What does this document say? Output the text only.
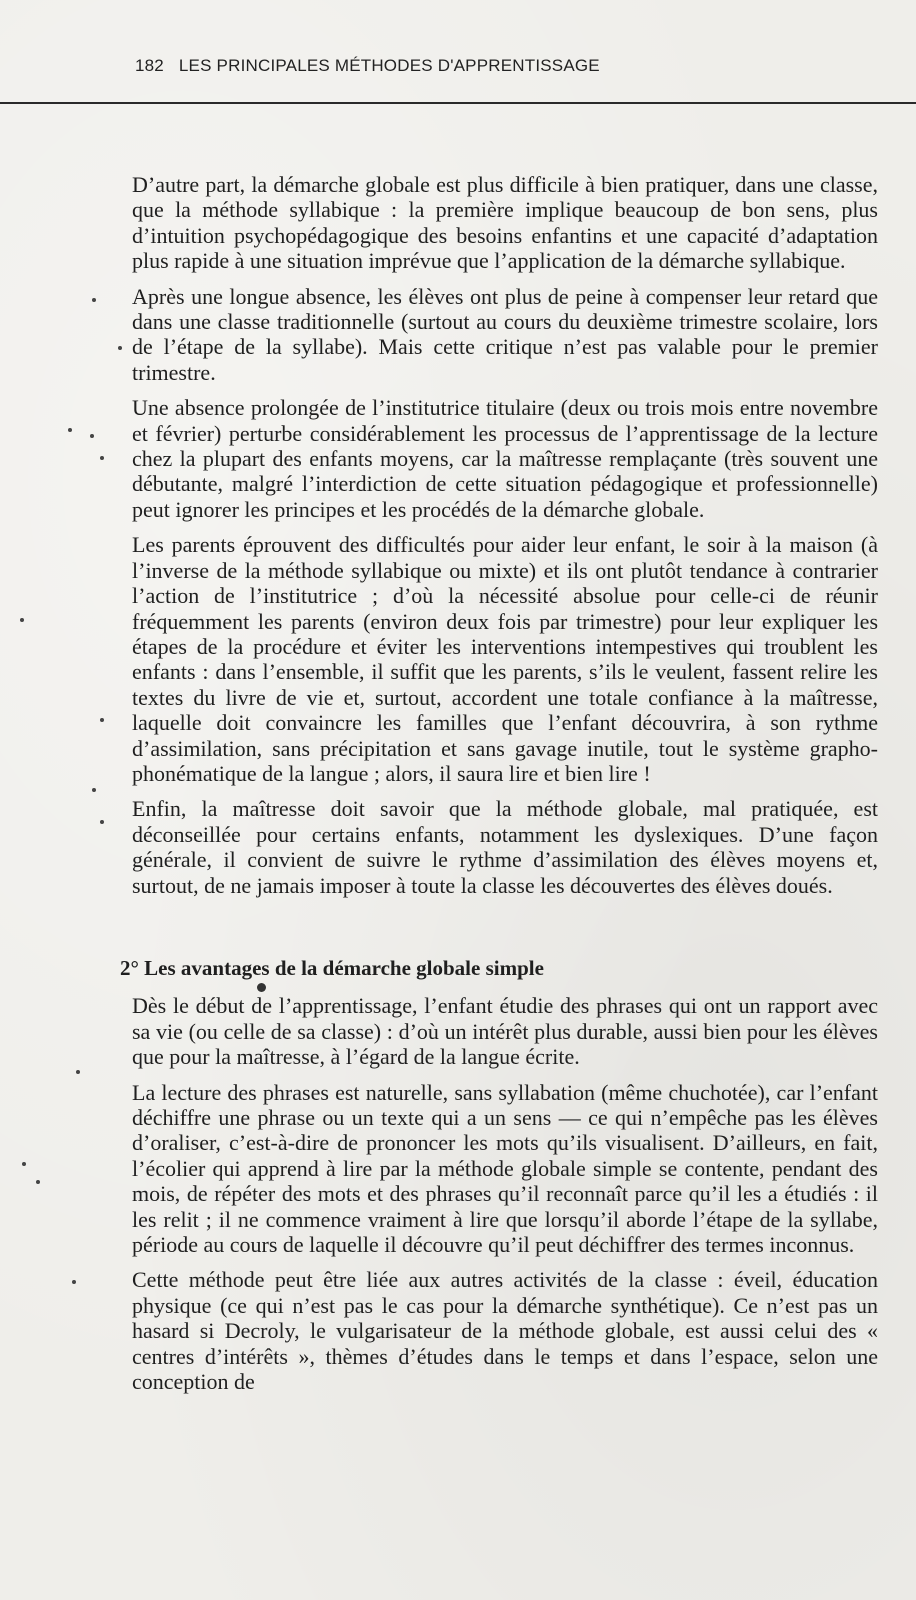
182 LES PRINCIPALES MÉTHODES D'APPRENTISSAGE

D’autre part, la démarche globale est plus difficile à bien pratiquer, dans une classe, que la méthode syllabique : la première implique beaucoup de bon sens, plus d’intuition psychopédagogique des besoins enfantins et une capacité d’adaptation plus rapide à une situation imprévue que l’application de la démarche syllabique.

Après une longue absence, les élèves ont plus de peine à compenser leur retard que dans une classe traditionnelle (surtout au cours du deuxième trimestre scolaire, lors de l’étape de la syllabe). Mais cette critique n’est pas valable pour le premier trimestre.

Une absence prolongée de l’institutrice titulaire (deux ou trois mois entre novembre et février) perturbe considérablement les processus de l’apprentissage de la lecture chez la plupart des enfants moyens, car la maîtresse remplaçante (très souvent une débutante, malgré l’interdiction de cette situation pédagogique et professionnelle) peut ignorer les principes et les procédés de la démarche globale.

Les parents éprouvent des difficultés pour aider leur enfant, le soir à la maison (à l’inverse de la méthode syllabique ou mixte) et ils ont plutôt tendance à contrarier l’action de l’institutrice ; d’où la nécessité absolue pour celle-ci de réunir fréquemment les parents (environ deux fois par trimestre) pour leur expliquer les étapes de la procédure et éviter les interventions intempestives qui troublent les enfants : dans l’ensemble, il suffit que les parents, s’ils le veulent, fassent relire les textes du livre de vie et, surtout, accordent une totale confiance à la maîtresse, laquelle doit convaincre les familles que l’enfant découvrira, à son rythme d’assimilation, sans précipitation et sans gavage inutile, tout le système grapho-phonématique de la langue ; alors, il saura lire et bien lire !

Enfin, la maîtresse doit savoir que la méthode globale, mal pratiquée, est déconseillée pour certains enfants, notamment les dyslexiques. D’une façon générale, il convient de suivre le rythme d’assimilation des élèves moyens et, surtout, de ne jamais imposer à toute la classe les découvertes des élèves doués.

2° Les avantages de la démarche globale simple

Dès le début de l’apprentissage, l’enfant étudie des phrases qui ont un rapport avec sa vie (ou celle de sa classe) : d’où un intérêt plus durable, aussi bien pour les élèves que pour la maîtresse, à l’égard de la langue écrite.

La lecture des phrases est naturelle, sans syllabation (même chuchotée), car l’enfant déchiffre une phrase ou un texte qui a un sens — ce qui n’empêche pas les élèves d’oraliser, c’est-à-dire de prononcer les mots qu’ils visualisent. D’ailleurs, en fait, l’écolier qui apprend à lire par la méthode globale simple se contente, pendant des mois, de répéter des mots et des phrases qu’il reconnaît parce qu’il les a étudiés : il les relit ; il ne commence vraiment à lire que lorsqu’il aborde l’étape de la syllabe, période au cours de laquelle il découvre qu’il peut déchiffrer des termes inconnus.

Cette méthode peut être liée aux autres activités de la classe : éveil, éducation physique (ce qui n’est pas le cas pour la démarche synthétique). Ce n’est pas un hasard si Decroly, le vulgarisateur de la méthode globale, est aussi celui des « centres d’intérêts », thèmes d’études dans le temps et dans l’espace, selon une conception de
